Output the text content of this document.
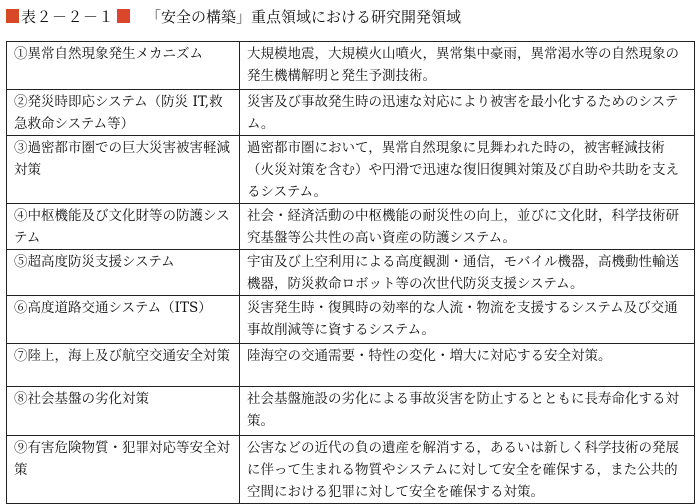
表２－２－１ 「安全の構築」重点領域における研究開発領域
①異常自然現象発生メカニズム	大規模地震，大規模火山噴火，異常集中豪雨，異常渇水等の自然現象の発生機構解明と発生予測技術。
②発災時即応システム（防災 IT,救急救命システム等）	災害及び事故発生時の迅速な対応により被害を最小化するためのシステム。
③過密都市圏での巨大災害被害軽減対策	過密都市圏において，異常自然現象に見舞われた時の，被害軽減技術（火災対策を含む）や円滑で迅速な復旧復興対策及び自助や共助を支えるシステム。
④中枢機能及び文化財等の防護システム	社会・経済活動の中枢機能の耐災性の向上，並びに文化財，科学技術研究基盤等公共性の高い資産の防護システム。
⑤超高度防災支援システム	宇宙及び上空利用による高度観測・通信，モバイル機器，高機動性輸送機器，防災救命ロボット等の次世代防災支援システム。
⑥高度道路交通システム（ITS）	災害発生時・復興時の効率的な人流・物流を支援するシステム及び交通事故削減等に資するシステム。
⑦陸上，海上及び航空交通安全対策	陸海空の交通需要・特性の変化・増大に対応する安全対策。
⑧社会基盤の劣化対策	社会基盤施設の劣化による事故災害を防止するとともに長寿命化する対策。
⑨有害危険物質・犯罪対応等安全対策	公害などの近代の負の遺産を解消する，あるいは新しく科学技術の発展に伴って生まれる物質やシステムに対して安全を確保する，また公共的空間における犯罪に対して安全を確保する対策。
